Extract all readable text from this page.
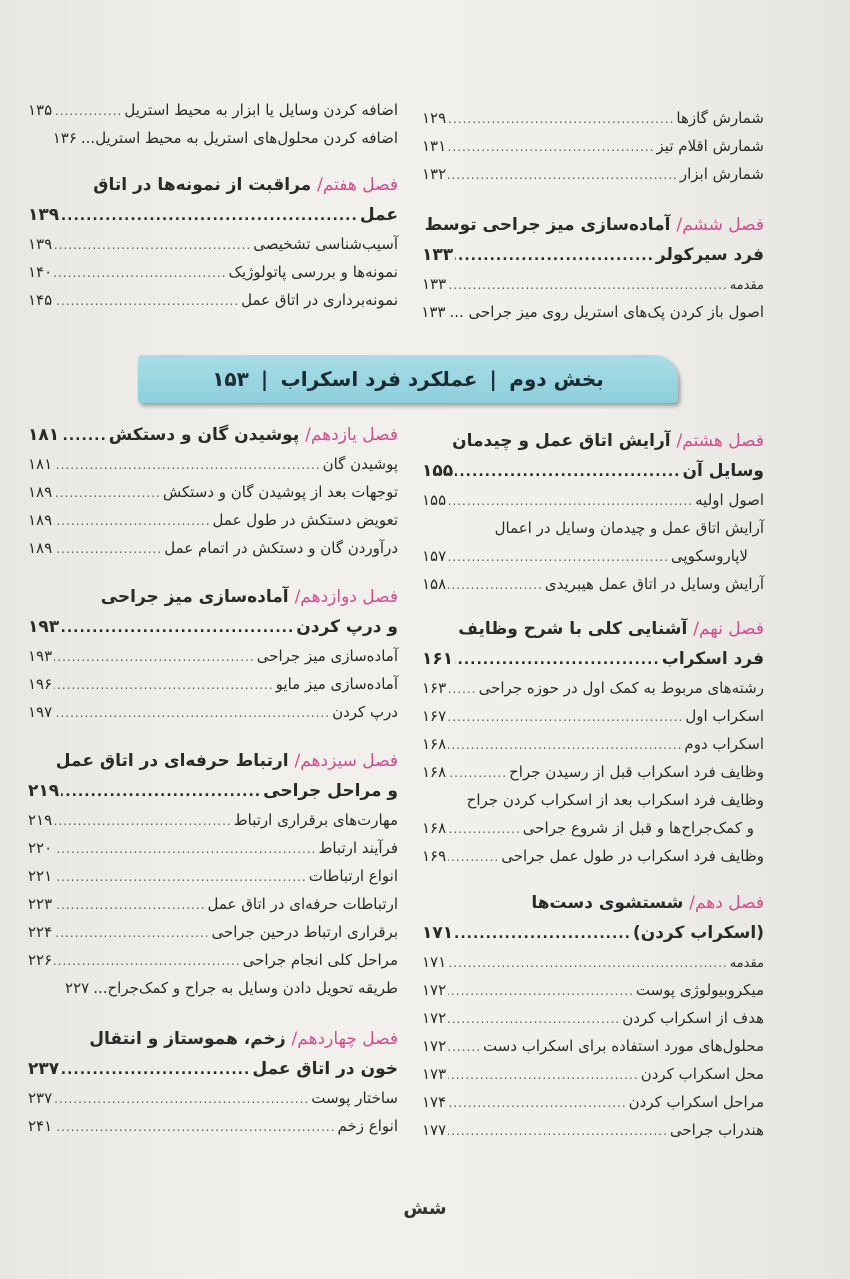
شمارش گازها
.....
۱۲۹
شمارش اقلام تیز
.....
۱۳۱
شمارش ابزار
.....
۱۳۲
فصل ششم/ آماده‌سازی میز جراحی توسط
فرد سیرکولر
.....
۱۳۳
مقدمه
.....
۱۳۳
اصول باز کردن پک‌های استریل روی میز جراحی ...
۱۳۳
اضافه کردن وسایل یا ابزار به محیط استریل
.....
۱۳۵
اضافه کردن محلول‌های استریل به محیط استریل...
۱۳۶
فصل هفتم/ مراقبت از نمونه‌ها در اتاق
عمل
.....
۱۳۹
آسیب‌شناسی تشخیصی
.....
۱۳۹
نمونه‌ها و بررسی پاتولوژیک
.....
۱۴۰
نمونه‌برداری در اتاق عمل
.....
۱۴۵
بخش دوم
|
عملکرد فرد اسکراب
|
۱۵۳
فصل هشتم/ آرایش اتاق عمل و چیدمان
وسایل آن
.....
۱۵۵
اصول اولیه
.....
۱۵۵
آرایش اتاق عمل و چیدمان وسایل در اعمال
لاپاروسکوپی
.....
۱۵۷
آرایش وسایل در اتاق عمل هیبریدی
.....
۱۵۸
فصل نهم/ آشنایی کلی با شرح وظایف
فرد اسکراب
.....
۱۶۱
رشته‌های مربوط به کمک اول در حوزه جراحی
.....
۱۶۳
اسکراب اول
.....
۱۶۷
اسکراب دوم
.....
۱۶۸
وظایف فرد اسکراب قبل از رسیدن جراح
.....
۱۶۸
وظایف فرد اسکراب بعد از اسکراب کردن جراح
و کمک‌جراح‌ها و قبل از شروع جراحی
.....
۱۶۸
وظایف فرد اسکراب در طول عمل جراحی
.....
۱۶۹
فصل دهم/ شستشوی دست‌ها
(اسکراب کردن)
.....
۱۷۱
مقدمه
.....
۱۷۱
میکروبیولوژی پوست
.....
۱۷۲
هدف از اسکراب کردن
.....
۱۷۲
محلول‌های مورد استفاده برای اسکراب دست
.....
۱۷۲
محل اسکراب کردن
.....
۱۷۳
مراحل اسکراب کردن
.....
۱۷۴
هندراب جراحی
.....
۱۷۷
فصل یازدهم/ پوشیدن گان و دستکش
.....
۱۸۱
پوشیدن گان
.....
۱۸۱
توجهات بعد از پوشیدن گان و دستکش
.....
۱۸۹
تعویض دستکش در طول عمل
.....
۱۸۹
درآوردن گان و دستکش در اتمام عمل
.....
۱۸۹
فصل دوازدهم/ آماده‌سازی میز جراحی
و درپ کردن
.....
۱۹۳
آماده‌سازی میز جراحی
.....
۱۹۳
آماده‌سازی میز مایو
.....
۱۹۶
درپ کردن
.....
۱۹۷
فصل سیزدهم/ ارتباط حرفه‌ای در اتاق عمل
و مراحل جراحی
.....
۲۱۹
مهارت‌های برقراری ارتباط
.....
۲۱۹
فرآیند ارتباط
.....
۲۲۰
انواع ارتباطات
.....
۲۲۱
ارتباطات حرفه‌ای در اتاق عمل
.....
۲۲۳
برقراری ارتباط درحین جراحی
.....
۲۲۴
مراحل کلی انجام جراحی
.....
۲۲۶
طریقه تحویل دادن وسایل به جراح و کمک‌جراح...
۲۲۷
فصل چهاردهم/ زخم، هموستاز و انتقال
خون در اتاق عمل
.....
۲۳۷
ساختار پوست
.....
۲۳۷
انواع زخم
.....
۲۴۱
شش
